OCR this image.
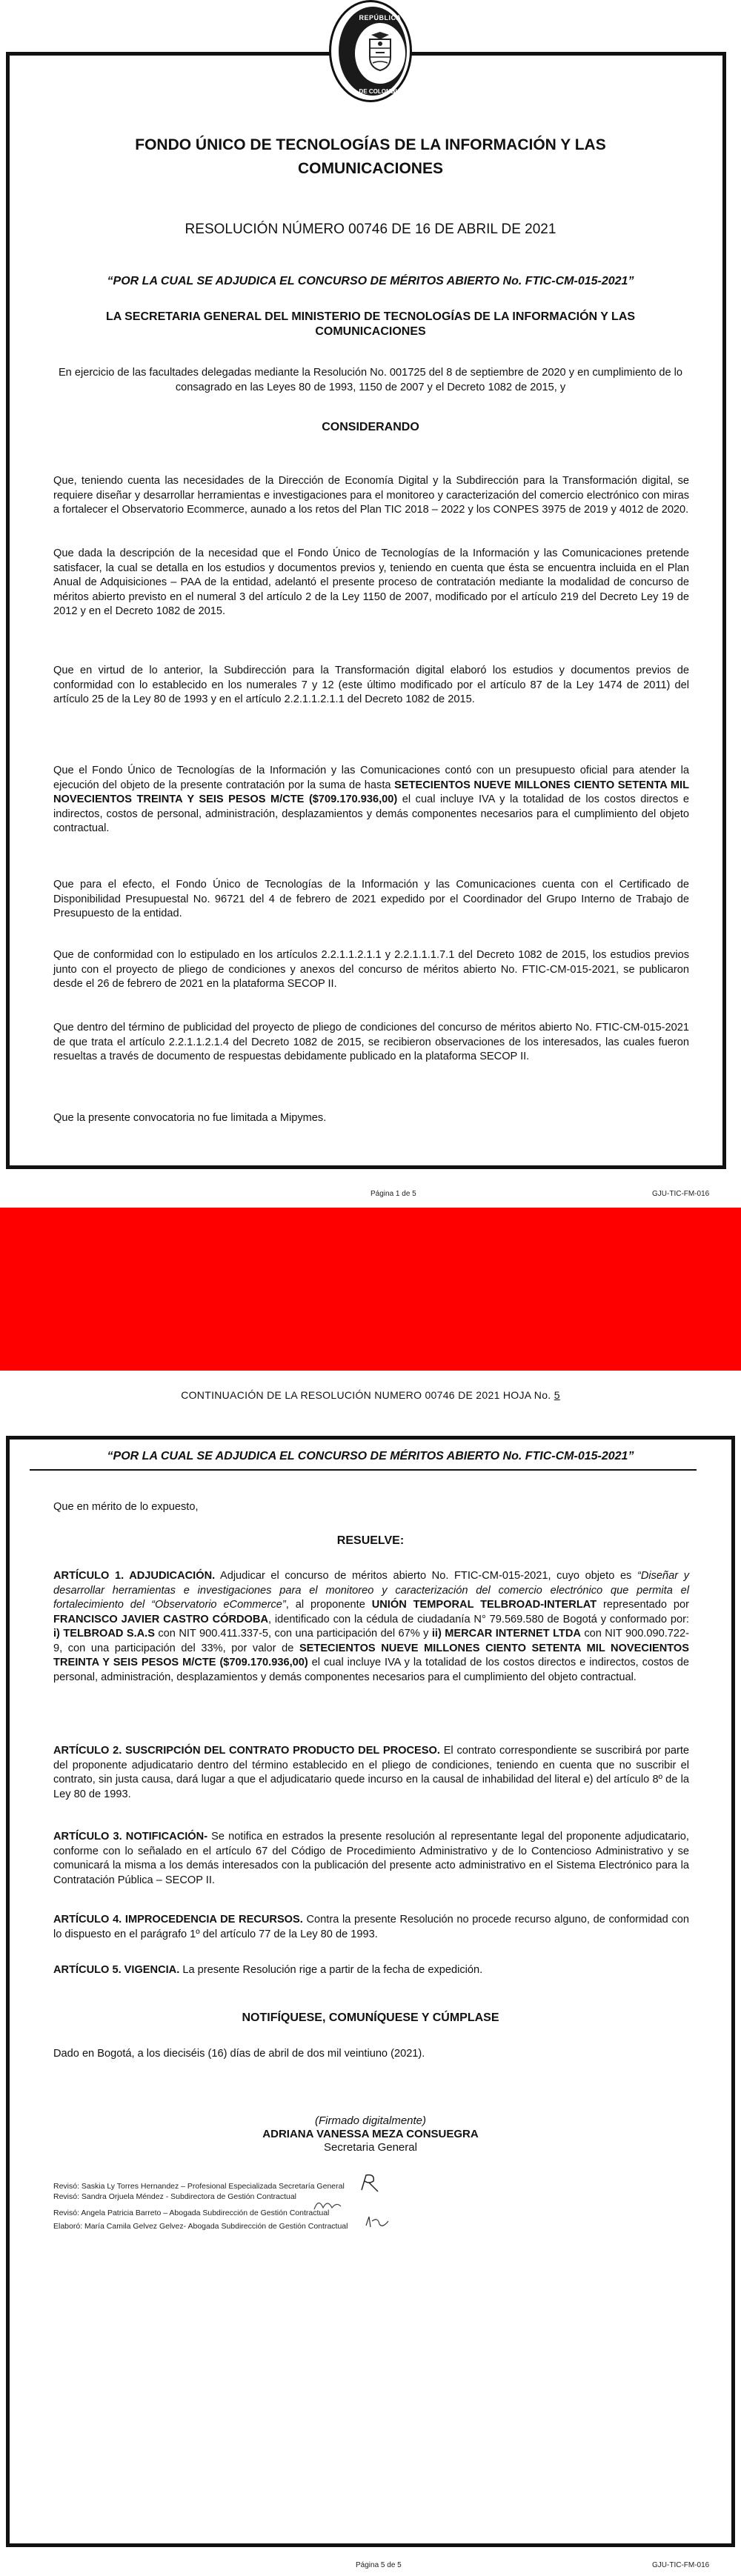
REPÚBLICA
DE COLOMBIA
FONDO ÚNICO DE TECNOLOGÍAS DE LA INFORMACIÓN Y LAS COMUNICACIONES
RESOLUCIÓN NÚMERO 00746 DE 16 DE ABRIL DE 2021
“POR LA CUAL SE ADJUDICA EL CONCURSO DE MÉRITOS ABIERTO No. FTIC-CM-015-2021”
LA SECRETARIA GENERAL DEL MINISTERIO DE TECNOLOGÍAS DE LA INFORMACIÓN Y LAS COMUNICACIONES
En ejercicio de las facultades delegadas mediante la Resolución No. 001725 del 8 de septiembre de 2020 y en cumplimiento de lo consagrado en las Leyes 80 de 1993, 1150 de 2007 y el Decreto 1082 de 2015, y
CONSIDERANDO
Que, teniendo cuenta las necesidades de la Dirección de Economía Digital y la Subdirección para la Transformación digital, se requiere diseñar y desarrollar herramientas e investigaciones para el monitoreo y caracterización del comercio electrónico con miras a fortalecer el Observatorio Ecommerce, aunado a los retos del Plan TIC 2018 – 2022 y los CONPES 3975 de 2019 y 4012 de 2020.
Que dada la descripción de la necesidad que el Fondo Único de Tecnologías de la Información y las Comunicaciones pretende satisfacer, la cual se detalla en los estudios y documentos previos y, teniendo en cuenta que ésta se encuentra incluida en el Plan Anual de Adquisiciones – PAA de la entidad, adelantó el presente proceso de contratación mediante la modalidad de concurso de méritos abierto previsto en el numeral 3 del artículo 2 de la Ley 1150 de 2007, modificado por el artículo 219 del Decreto Ley 19 de 2012 y en el Decreto 1082 de 2015.
Que en virtud de lo anterior, la Subdirección para la Transformación digital elaboró los estudios y documentos previos de conformidad con lo establecido en los numerales 7 y 12 (este último modificado por el artículo 87 de la Ley 1474 de 2011) del artículo 25 de la Ley 80 de 1993 y en el artículo 2.2.1.1.2.1.1 del Decreto 1082 de 2015.
Que el Fondo Único de Tecnologías de la Información y las Comunicaciones contó con un presupuesto oficial para atender la ejecución del objeto de la presente contratación por la suma de hasta SETECIENTOS NUEVE MILLONES CIENTO SETENTA MIL NOVECIENTOS TREINTA Y SEIS PESOS M/CTE ($709.170.936,00) el cual incluye IVA y la totalidad de los costos directos e indirectos, costos de personal, administración, desplazamientos y demás componentes necesarios para el cumplimiento del objeto contractual.
Que para el efecto, el Fondo Único de Tecnologías de la Información y las Comunicaciones cuenta con el Certificado de Disponibilidad Presupuestal No. 96721 del 4 de febrero de 2021 expedido por el Coordinador del Grupo Interno de Trabajo de Presupuesto de la entidad.
Que de conformidad con lo estipulado en los artículos 2.2.1.1.2.1.1 y 2.2.1.1.1.7.1 del Decreto 1082 de 2015, los estudios previos junto con el proyecto de pliego de condiciones y anexos del concurso de méritos abierto No. FTIC-CM-015-2021, se publicaron desde el 26 de febrero de 2021 en la plataforma SECOP II.
Que dentro del término de publicidad del proyecto de pliego de condiciones del concurso de méritos abierto No. FTIC-CM-015-2021 de que trata el artículo 2.2.1.1.2.1.4 del Decreto 1082 de 2015, se recibieron observaciones de los interesados, las cuales fueron resueltas a través de documento de respuestas debidamente publicado en la plataforma SECOP II.
Que la presente convocatoria no fue limitada a Mipymes.
Página 1 de 5	GJU-TIC-FM-016
CONTINUACIÓN DE LA RESOLUCIÓN NUMERO 00746 DE 2021 HOJA No. 5
“POR LA CUAL SE ADJUDICA EL CONCURSO DE MÉRITOS ABIERTO No. FTIC-CM-015-2021”
Que en mérito de lo expuesto,
RESUELVE:
ARTÍCULO 1. ADJUDICACIÓN. Adjudicar el concurso de méritos abierto No. FTIC-CM-015-2021, cuyo objeto es “Diseñar y desarrollar herramientas e investigaciones para el monitoreo y caracterización del comercio electrónico que permita el fortalecimiento del “Observatorio eCommerce”, al proponente UNIÓN TEMPORAL TELBROAD-INTERLAT representado por FRANCISCO JAVIER CASTRO CÓRDOBA, identificado con la cédula de ciudadanía N° 79.569.580 de Bogotá y conformado por: i) TELBROAD S.A.S con NIT 900.411.337-5, con una participación del 67% y ii) MERCAR INTERNET LTDA con NIT 900.090.722-9, con una participación del 33%, por valor de SETECIENTOS NUEVE MILLONES CIENTO SETENTA MIL NOVECIENTOS TREINTA Y SEIS PESOS M/CTE ($709.170.936,00) el cual incluye IVA y la totalidad de los costos directos e indirectos, costos de personal, administración, desplazamientos y demás componentes necesarios para el cumplimiento del objeto contractual.
ARTÍCULO 2. SUSCRIPCIÓN DEL CONTRATO PRODUCTO DEL PROCESO. El contrato correspondiente se suscribirá por parte del proponente adjudicatario dentro del término establecido en el pliego de condiciones, teniendo en cuenta que no suscribir el contrato, sin justa causa, dará lugar a que el adjudicatario quede incurso en la causal de inhabilidad del literal e) del artículo 8º de la Ley 80 de 1993.
ARTÍCULO 3. NOTIFICACIÓN- Se notifica en estrados la presente resolución al representante legal del proponente adjudicatario, conforme con lo señalado en el artículo 67 del Código de Procedimiento Administrativo y de lo Contencioso Administrativo y se comunicará la misma a los demás interesados con la publicación del presente acto administrativo en el Sistema Electrónico para la Contratación Pública – SECOP II.
ARTÍCULO 4. IMPROCEDENCIA DE RECURSOS. Contra la presente Resolución no procede recurso alguno, de conformidad con lo dispuesto en el parágrafo 1º del artículo 77 de la Ley 80 de 1993.
ARTÍCULO 5. VIGENCIA. La presente Resolución rige a partir de la fecha de expedición.
NOTIFÍQUESE, COMUNÍQUESE Y CÚMPLASE
Dado en Bogotá, a los dieciséis (16) días de abril de dos mil veintiuno (2021).
(Firmado digitalmente)
ADRIANA VANESSA MEZA CONSUEGRA
Secretaria General
Revisó: Saskia Ly Torres Hernandez – Profesional Especializada Secretaría General
Revisó: Sandra Orjuela Méndez - Subdirectora de Gestión Contractual
Revisó: Angela Patricia Barreto – Abogada Subdirección de Gestión Contractual
Elaboró: María Camila Gelvez Gelvez- Abogada Subdirección de Gestión Contractual
Página 5 de 5	GJU-TIC-FM-016
